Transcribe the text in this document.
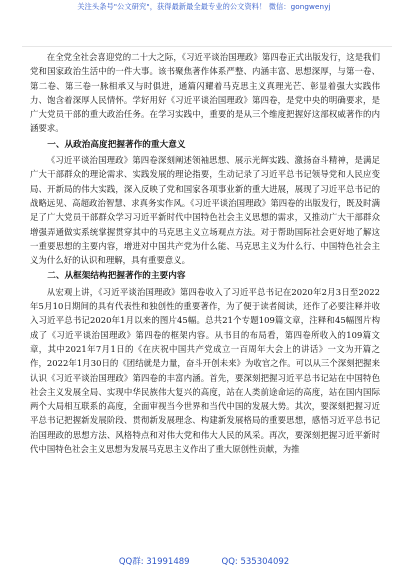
关注头条号"公文研究"，获得最新最全最专业的公文资料！ 微信：gongwenyj

在全党全社会喜迎党的二十大之际，《习近平谈治国理政》第四卷正式出版发行，这是我们党和国家政治生活中的一件大事。该书聚焦著作体系严整、内涵丰富、思想深厚，与第一卷、第二卷、第三卷一脉相承又与时俱进，通篇闪耀着马克思主义真理光芒、彰显着强大实践伟力、饱含着深厚人民情怀。学好用好《习近平谈治国理政》第四卷，是党中央的明确要求，是广大党员干部的重大政治任务。在学习实践中，重要的是从三个维度把握好这部权威著作的内涵要求。

一、从政治高度把握著作的重大意义

《习近平谈治国理政》第四卷深刻阐述领袖思想、展示光辉实践、激扬奋斗精神，是满足广大干部群众的理论需求、实践发展的理论指要，生动记录了习近平总书记领导党和人民应变局、开新局的伟大实践，深入反映了党和国家各项事业新的重大进展，展现了习近平总书记的战略远见、高超政治智慧、求真务实作风。《习近平谈治国理政》第四卷的出版发行，既及时满足了广大党员干部群众学习习近平新时代中国特色社会主义思想的需求，又推动广大干部群众增强弄通做实系统掌握贯穿其中的马克思主义立场观点方法。对于帮助国际社会更好地了解这一重要思想的主要内容，增进对中国共产党为什么能、马克思主义为什么行、中国特色社会主义为什么好的认识和理解，具有重要意义。

二、从框架结构把握著作的主要内容

从宏观上讲，《习近平谈治国理政》第四卷收入了习近平总书记在2020年2月3日至2022年5月10日期间的具有代表性和独创性的重要著作，为了便于读者阅读，还作了必要注释并收入习近平总书记2020年1月以来的图片45幅。总共21个专题109篇文章，注释和45幅图片构成了《习近平谈治国理政》第四卷的框架内容。从书目的布局看，第四卷所收入的109篇文章，其中2021年7月1日的《在庆祝中国共产党成立一百周年大会上的讲话》一文为开篇之作，2022年1月30日的《团结就是力量，奋斗开创未来》为收官之作。可以从三个深刻把握来认识《习近平谈治国理政》第四卷的丰富内涵。首先，要深刻把握习近平总书记站在中国特色社会主义发展全局、实现中华民族伟大复兴的高度，站在人类前途命运的高度，站在国内国际两个大局相互联系的高度，全面审视当今世界和当代中国的发展大势。其次，要深刻把握习近平总书记把握新发展阶段、贯彻新发展理念、构建新发展格局的重要思想，感悟习近平总书记治国理政的思想方法、风格特点和对伟大党和伟大人民的风采。再次，要深刻把握习近平新时代中国特色社会主义思想为发展马克思主义作出了重大原创性贡献，为推

QQ群: 31991489	QQ: 535304092
